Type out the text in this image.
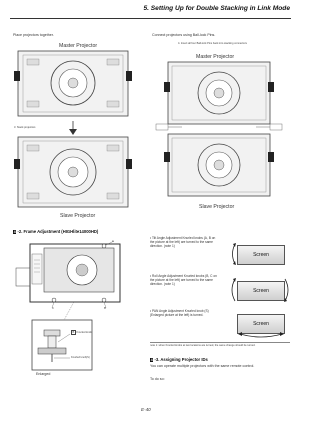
5. Setting Up for Double Stacking in Link Mode
Place projectors together.
Master Projector
3. Stack projectors
Slave Projector
4 -2. Frame Adjustment (HIGHlite14000HD)
A
B
C
B Knurled knob
Knurled knob(S)
Enlarged
Connect projectors using Ball-lock Pins.
4. Insert all four Ball-lock Pins back into stacking connectors
Master Projector
Slave Projector
• Tilt Angle Adjustment Knurled knobs (A, B on the picture at the left) are turned to the same direction. (note 1)
• Roll Angle Adjustment Knurled knobs (B, C on the picture at the left) are turned to the same direction. (note 1)
• PAN Angle Adjustment Knurled knob (S) (Enlarged picture at the left) is turned.
Screen
Screen
Screen
note 1: when Knurled knobs at two locations are turned, the same change should be turned.
4 -3. Assigning Projector IDs
You can operate multiple projectors with the same remote control.
To do so:
E-40
